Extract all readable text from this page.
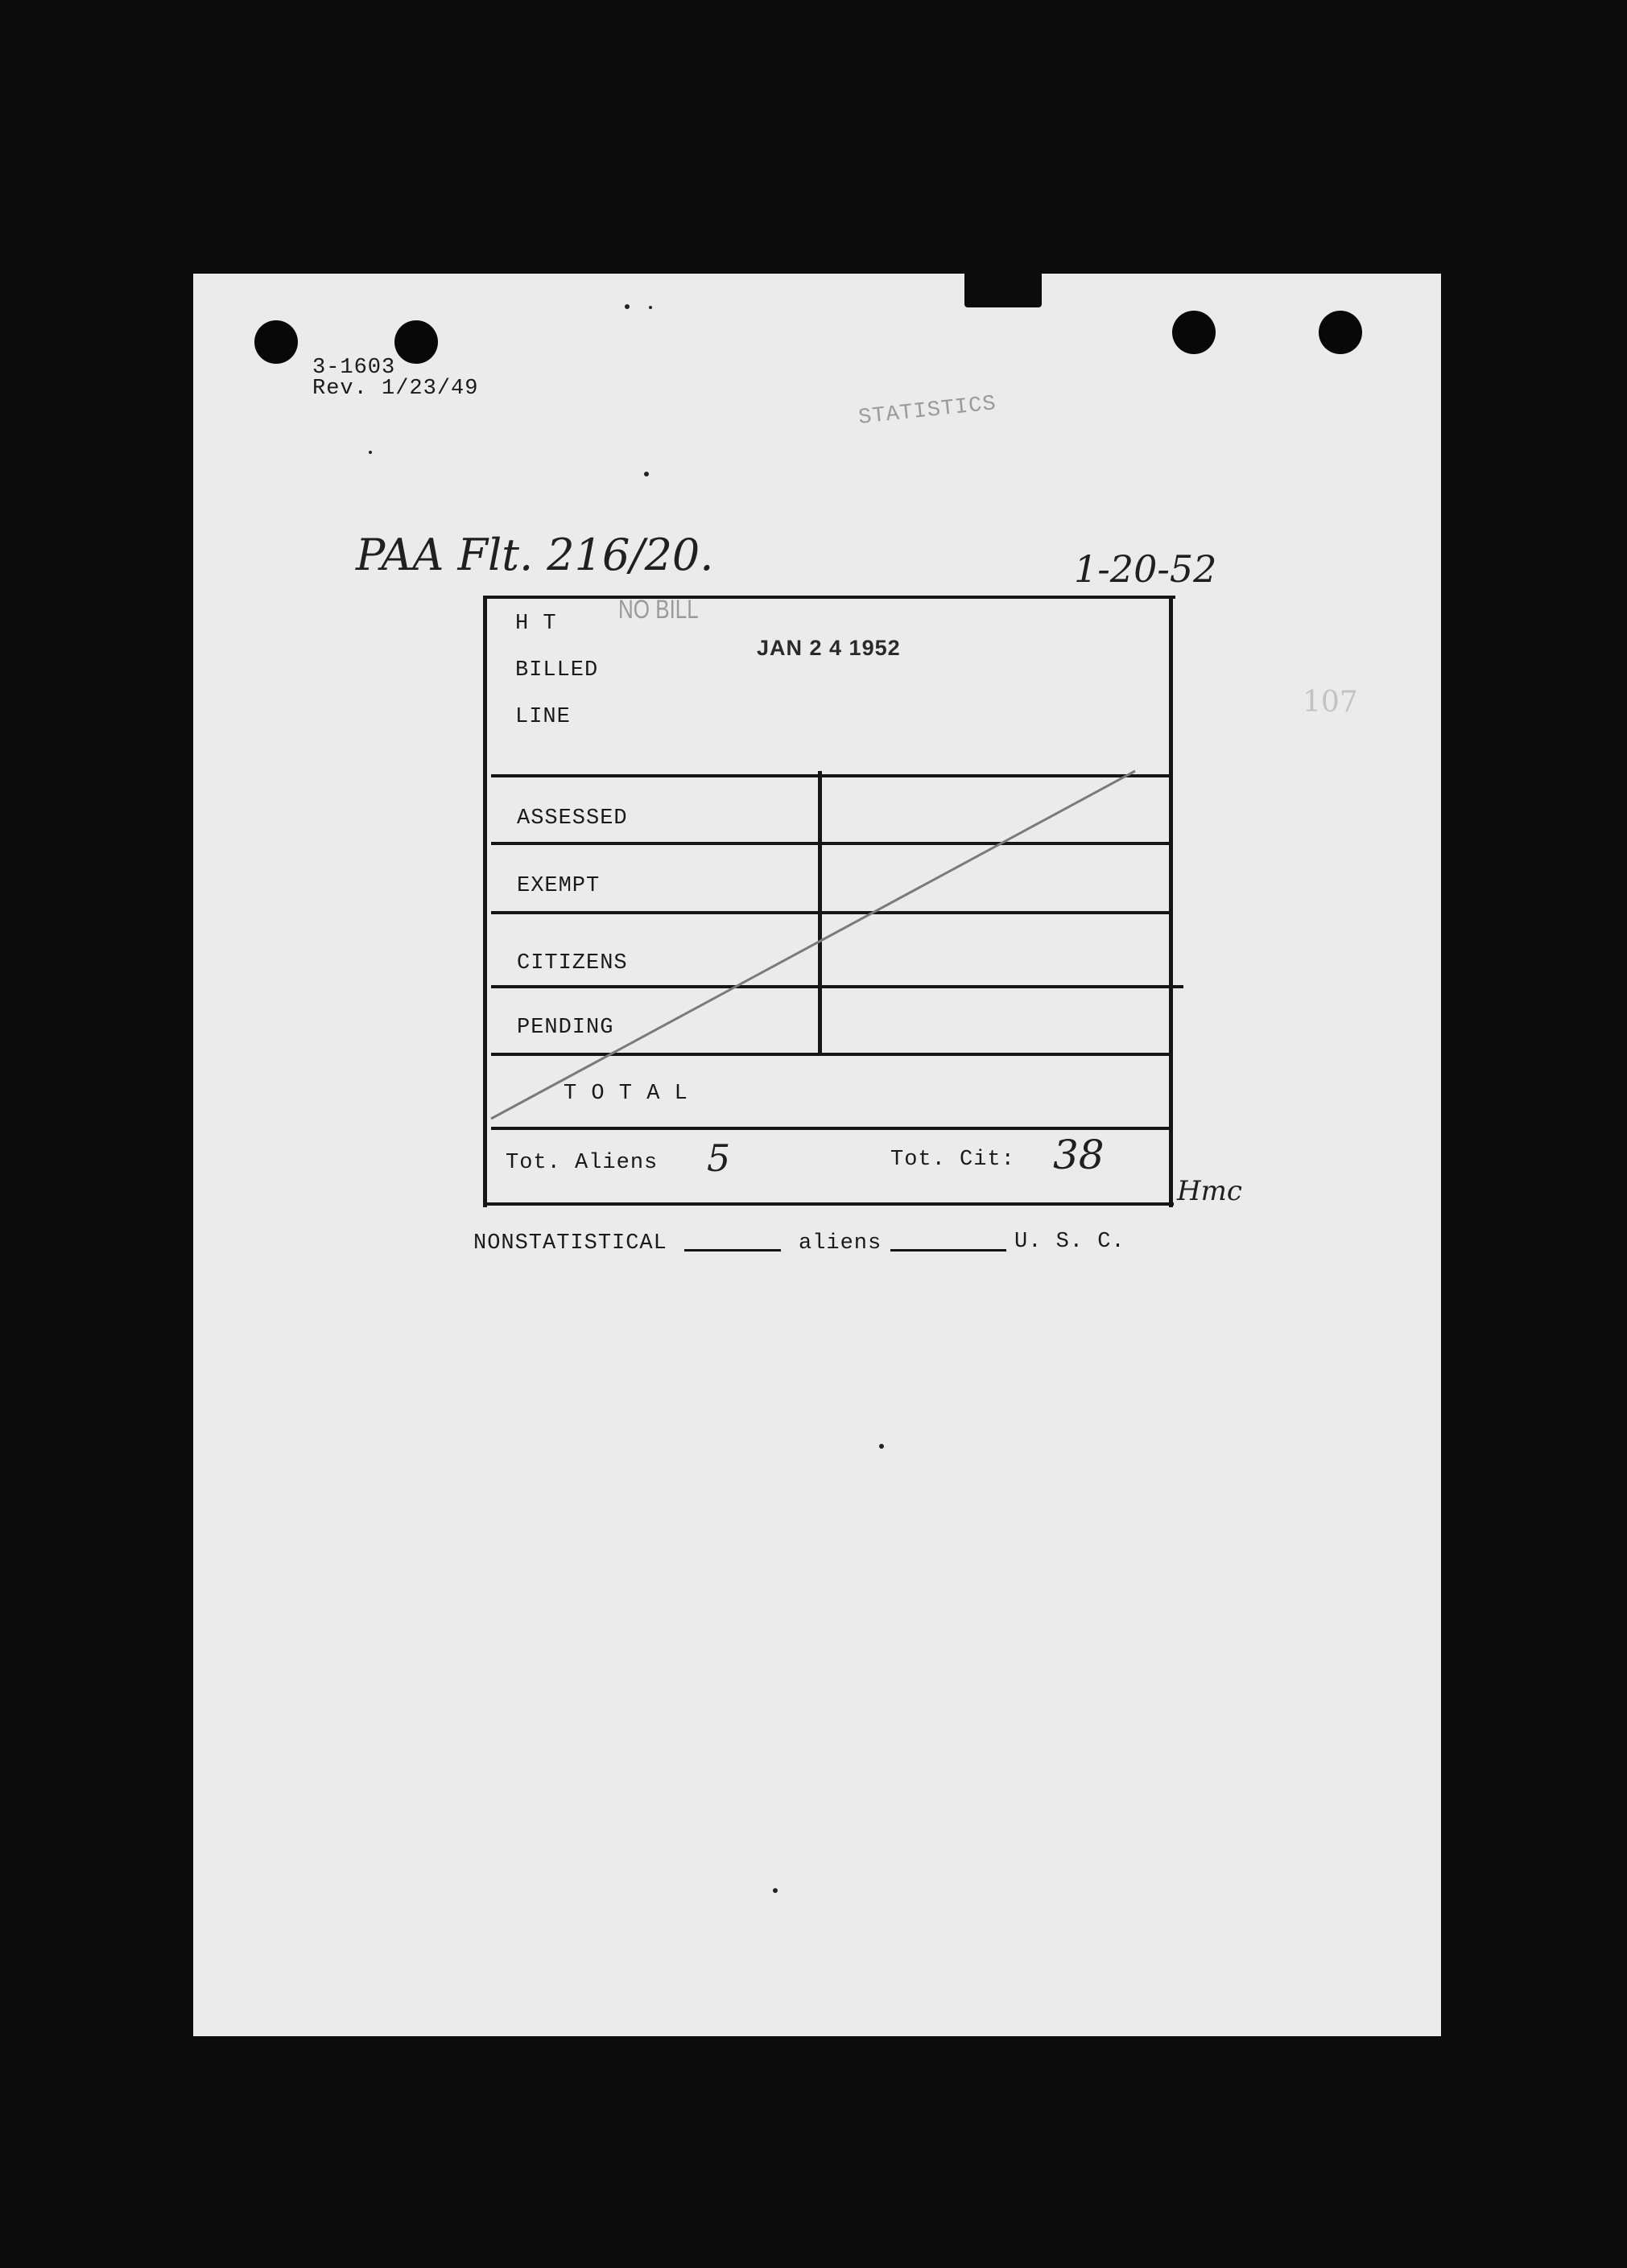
3-1603
Rev. 1/23/49
STATISTICS
PAA Flt. 216/20.	1-20-52
107
H T
BILLED
LINE
NO BILL
JAN 2 4 1952
ASSESSED
EXEMPT
CITIZENS
PENDING
T O T A L
Tot. Aliens 5	Tot. Cit: 38
Hmc
NONSTATISTICAL	aliens	U. S. C.
